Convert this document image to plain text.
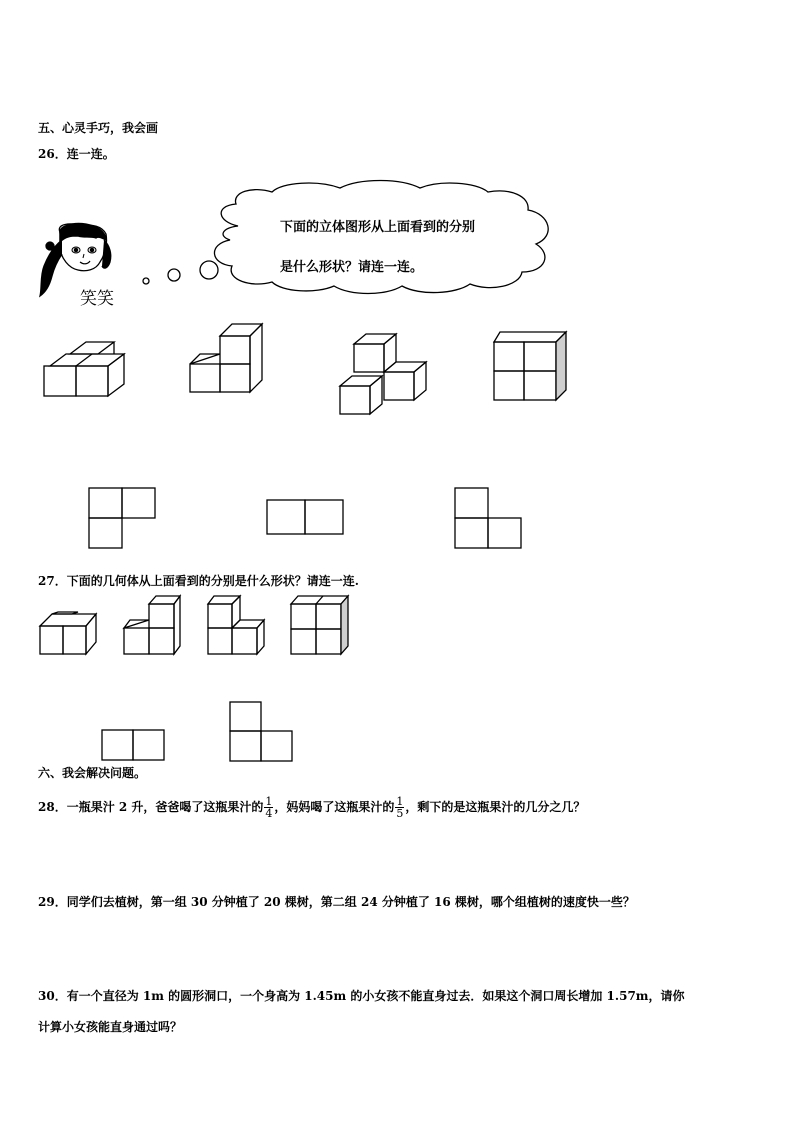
五、心灵手巧，我会画
26．连一连。
下面的立体图形从上面看到的分别
是什么形状？请连一连。
笑笑
27．下面的几何体从上面看到的分别是什么形状？请连一连.
六、我会解决问题。
28．一瓶果汁 2 升，爸爸喝了这瓶果汁的 $\frac{1}{4}$ ，妈妈喝了这瓶果汁的 $\frac{1}{5}$ ，剩下的是这瓶果汁的几分之几？
29．同学们去植树，第一组 30 分钟植了 20 棵树，第二组 24 分钟植了 16 棵树，哪个组植树的速度快一些？
30．有一个直径为 1m 的圆形洞口，一个身高为 1.45m 的小女孩不能直身过去．如果这个洞口周长增加 1.57m，请你
计算小女孩能直身通过吗？
